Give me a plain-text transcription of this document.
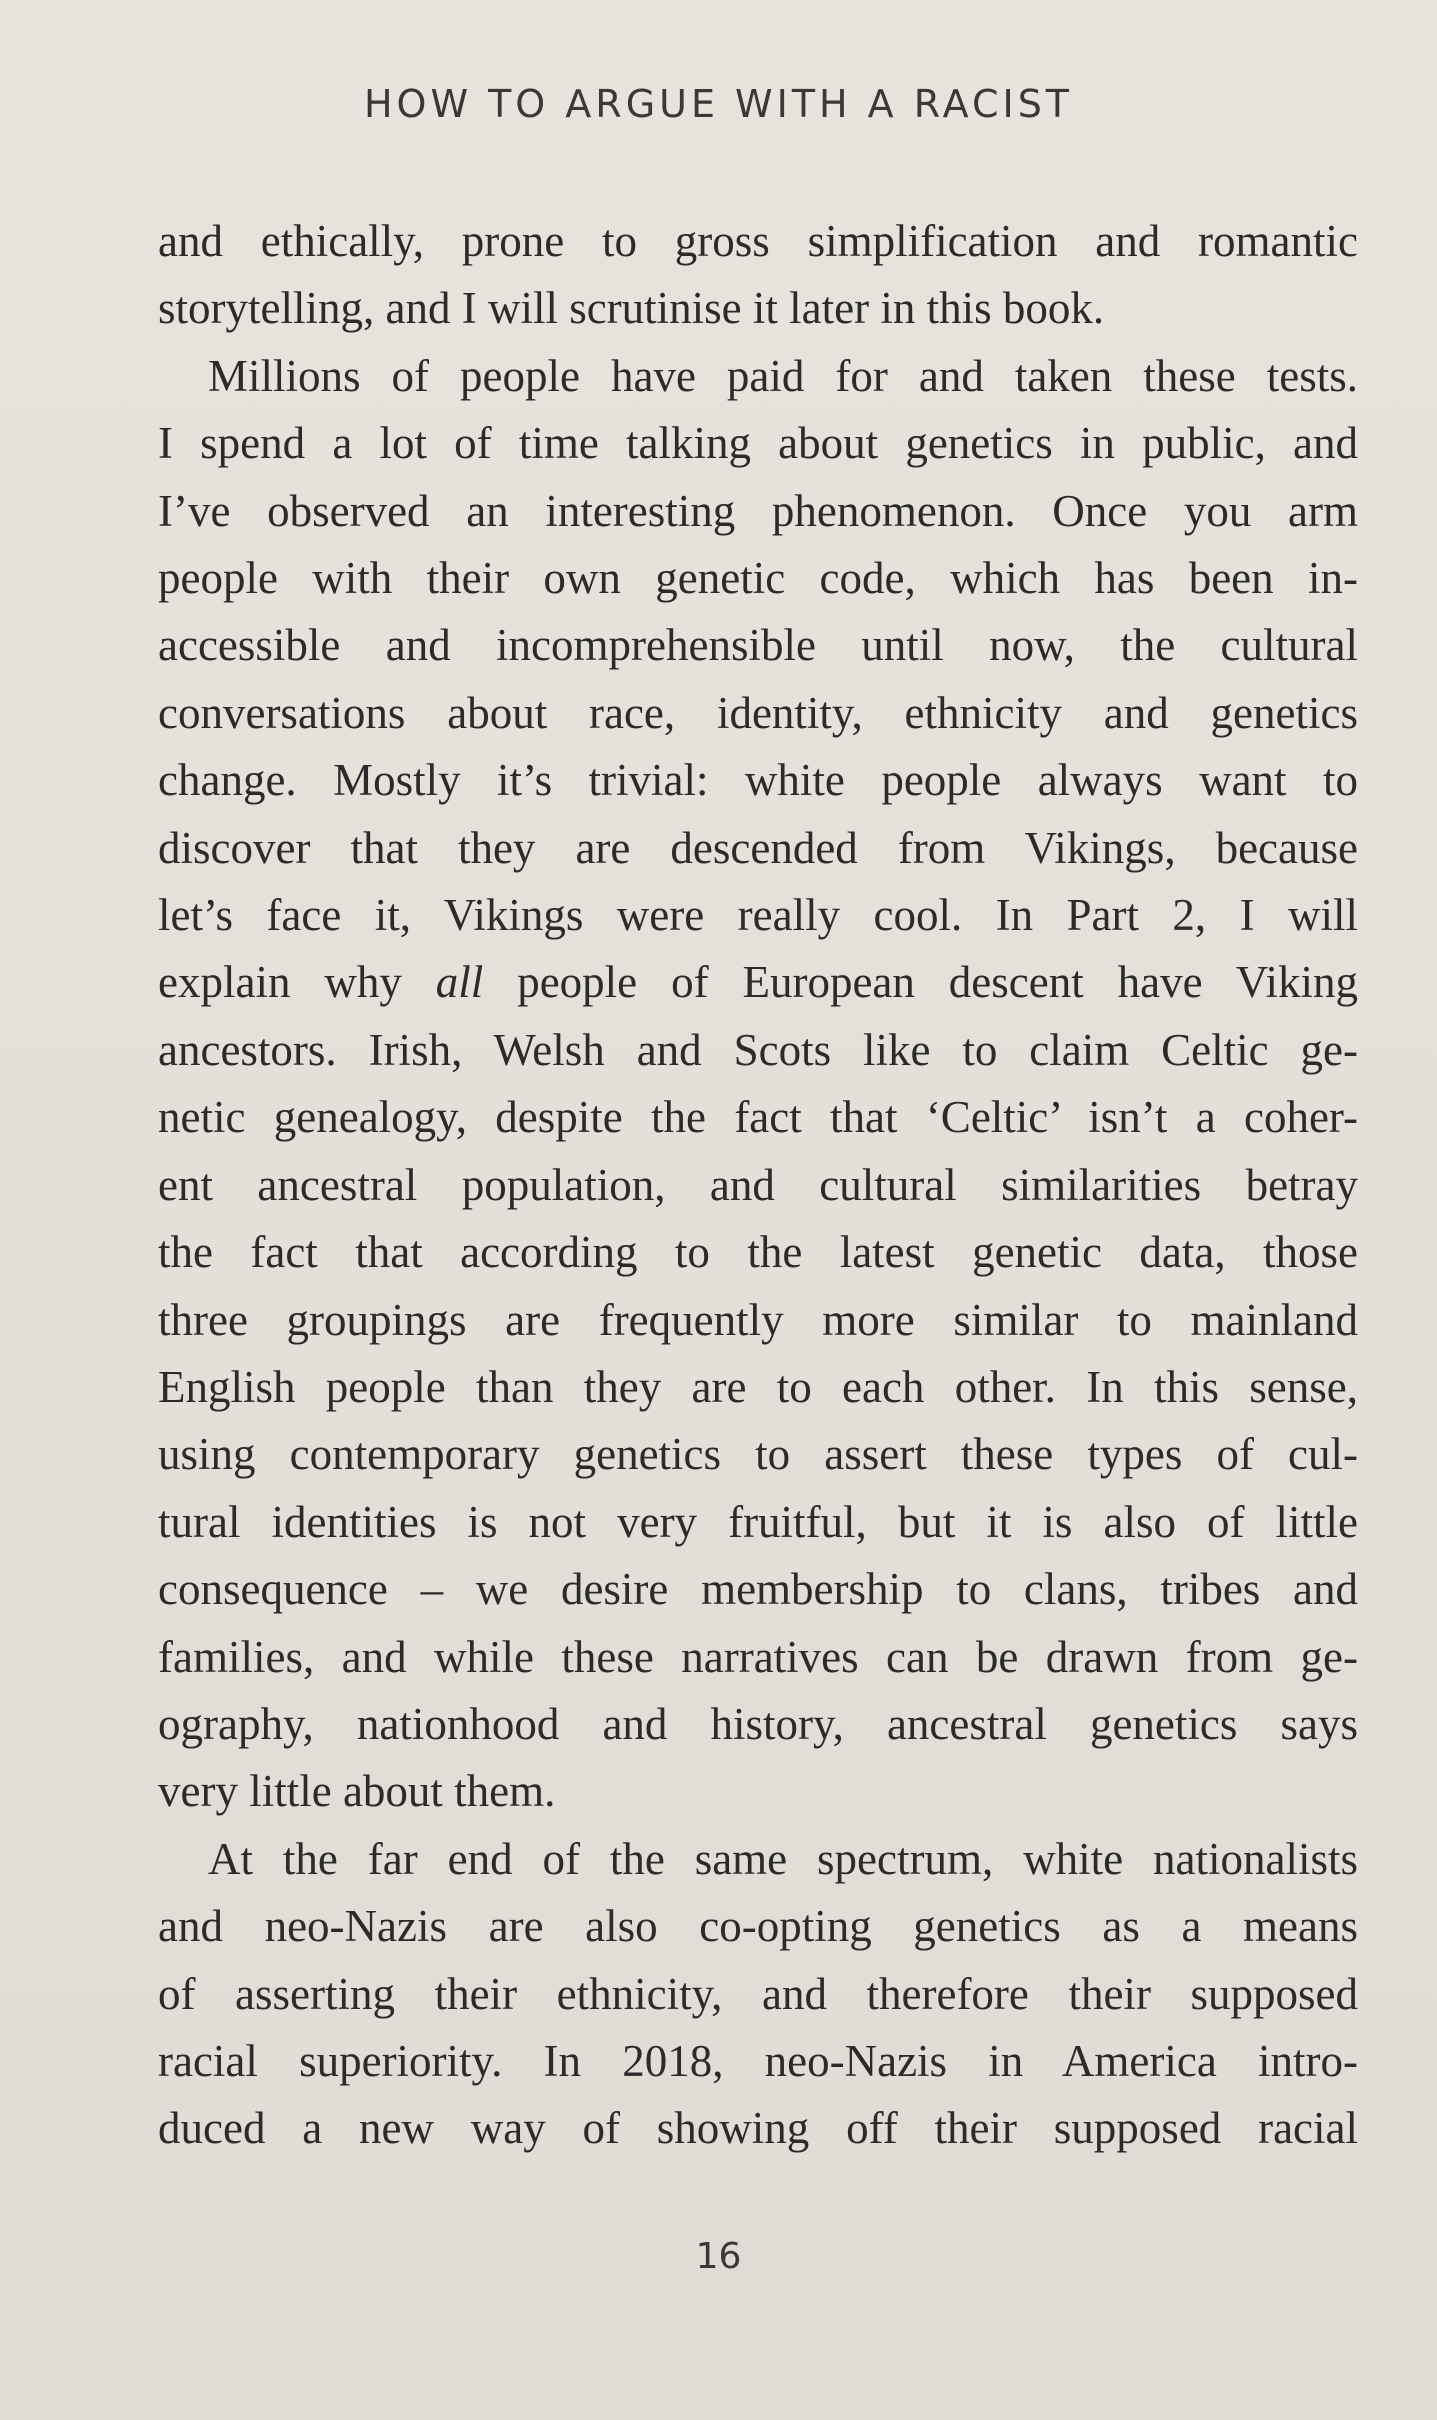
HOW TO ARGUE WITH A RACIST

and ethically, prone to gross simplification and romantic
storytelling, and I will scrutinise it later in this book.

Millions of people have paid for and taken these tests.
I spend a lot of time talking about genetics in public, and
I’ve observed an interesting phenomenon. Once you arm
people with their own genetic code, which has been in-
accessible and incomprehensible until now, the cultural
conversations about race, identity, ethnicity and genetics
change. Mostly it’s trivial: white people always want to
discover that they are descended from Vikings, because
let’s face it, Vikings were really cool. In Part 2, I will
explain why all people of European descent have Viking
ancestors. Irish, Welsh and Scots like to claim Celtic ge-
netic genealogy, despite the fact that ‘Celtic’ isn’t a coher-
ent ancestral population, and cultural similarities betray
the fact that according to the latest genetic data, those
three groupings are frequently more similar to mainland
English people than they are to each other. In this sense,
using contemporary genetics to assert these types of cul-
tural identities is not very fruitful, but it is also of little
consequence – we desire membership to clans, tribes and
families, and while these narratives can be drawn from ge-
ography, nationhood and history, ancestral genetics says
very little about them.

At the far end of the same spectrum, white nationalists
and neo-Nazis are also co-opting genetics as a means
of asserting their ethnicity, and therefore their supposed
racial superiority. In 2018, neo-Nazis in America intro-
duced a new way of showing off their supposed racial

16
